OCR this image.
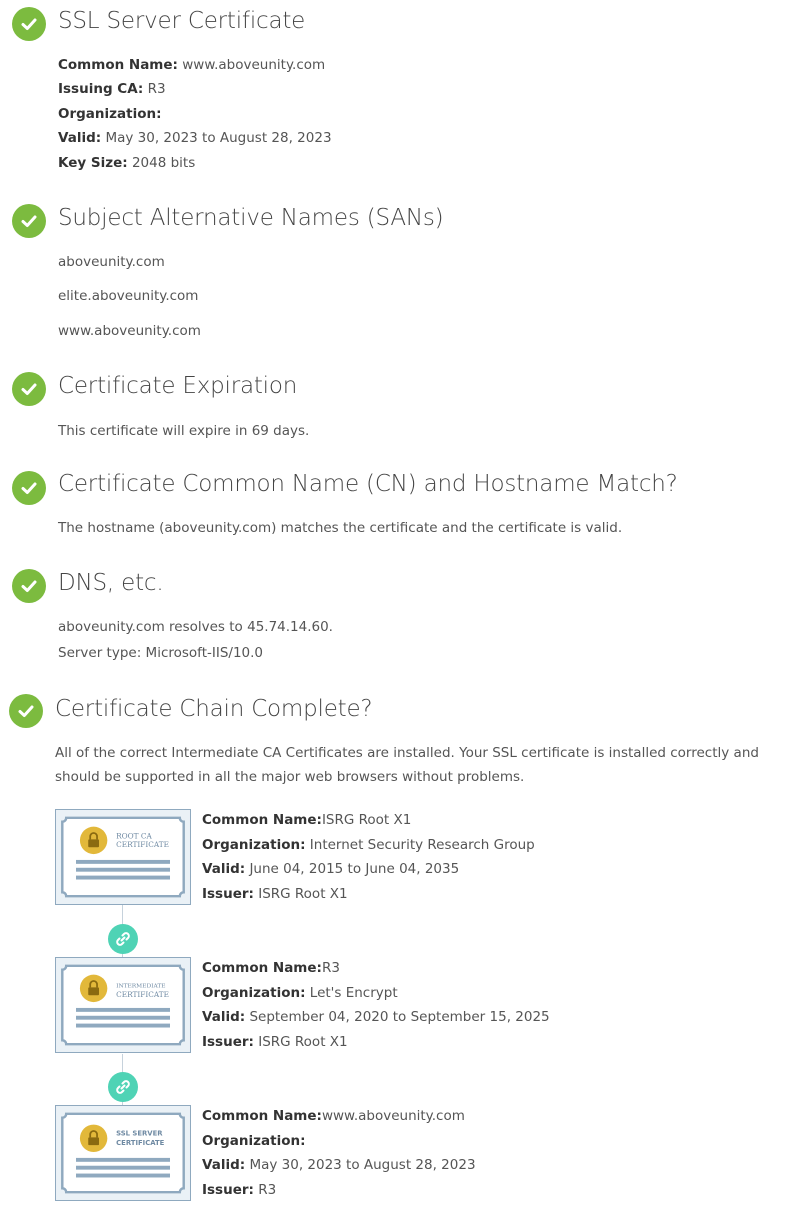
SSL Server Certificate
Common Name: www.aboveunity.com
Issuing CA: R3
Organization:
Valid: May 30, 2023 to August 28, 2023
Key Size: 2048 bits
Subject Alternative Names (SANs)
aboveunity.com
elite.aboveunity.com
www.aboveunity.com
Certificate Expiration
This certificate will expire in 69 days.
Certificate Common Name (CN) and Hostname Match?
The hostname (aboveunity.com) matches the certificate and the certificate is valid.
DNS, etc.
aboveunity.com resolves to 45.74.14.60.
Server type: Microsoft-IIS/10.0
Certificate Chain Complete?
All of the correct Intermediate CA Certificates are installed. Your SSL certificate is installed correctly and should be supported in all the major web browsers without problems.
ROOT CA
CERTIFICATE
Common Name:ISRG Root X1
Organization: Internet Security Research Group
Valid: June 04, 2015 to June 04, 2035
Issuer: ISRG Root X1
INTERMEDIATE
CERTIFICATE
Common Name:R3
Organization: Let's Encrypt
Valid: September 04, 2020 to September 15, 2025
Issuer: ISRG Root X1
SSL SERVER
CERTIFICATE
Common Name:www.aboveunity.com
Organization:
Valid: May 30, 2023 to August 28, 2023
Issuer: R3
